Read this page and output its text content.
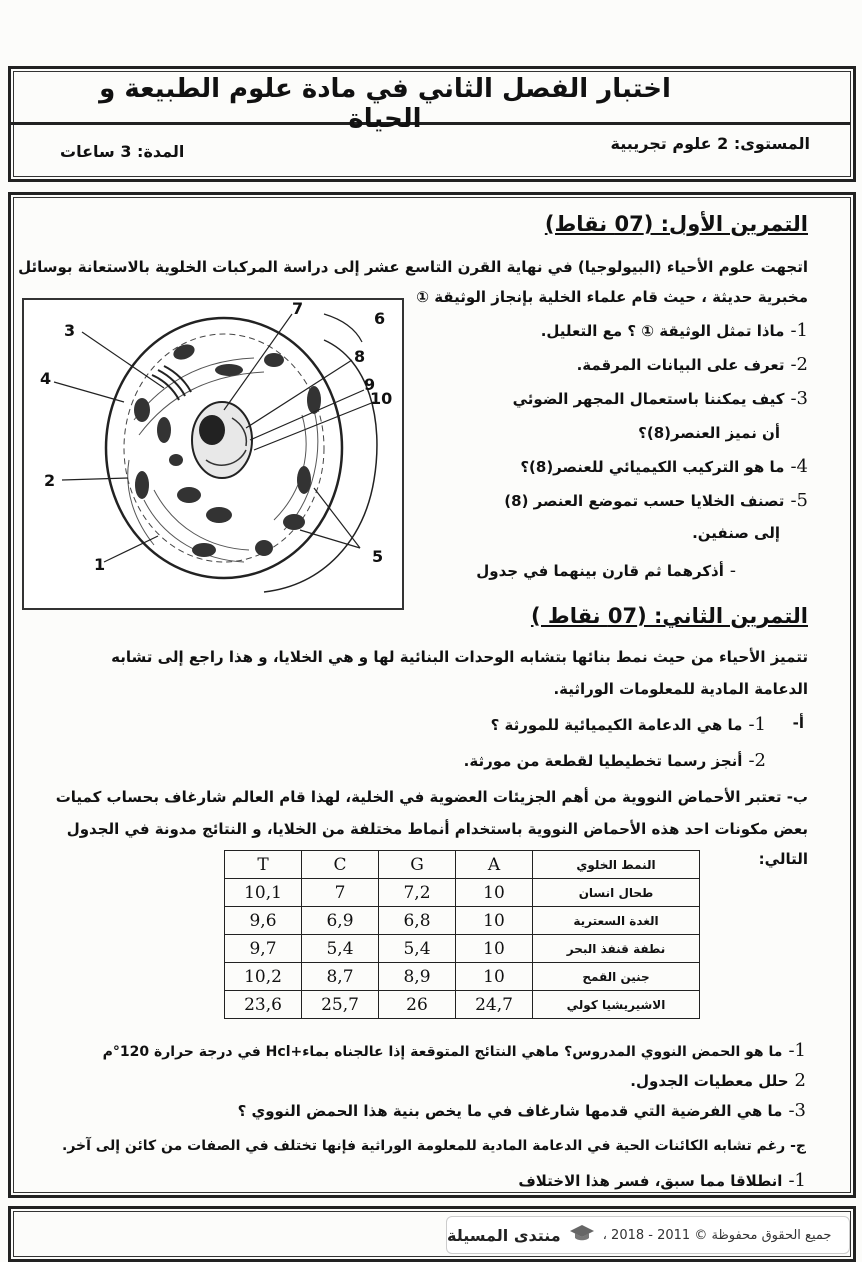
اختبار الفصل الثاني في مادة علوم الطبيعة و الحياة
المستوى: 2 علوم تجريبية
المدة: 3 ساعات
التمرين الأول: (07 نقاط)
اتجهت علوم الأحياء (البيولوجيا) في نهاية القرن التاسع عشر إلى دراسة المركبات الخلوية بالاستعانة بوسائل
مخبرية حديثة ، حيث قام علماء الخلية بإنجاز الوثيقة ①
1
2
3
4
5
6
7
8
9
10
1-ماذا تمثل الوثيقة ① ؟ مع التعليل.
2-تعرف على البيانات المرقمة.
3-كيف يمكننا باستعمال المجهر الضوئي
أن نميز العنصر(8)؟
4-ما هو التركيب الكيميائي للعنصر(8)؟
5-تصنف الخلايا حسب تموضع العنصر (8)
إلى صنفين.
-أذكرهما ثم قارن بينهما في جدول
التمرين الثاني: (07 نقاط )
تتميز الأحياء من حيث نمط بنائها بتشابه الوحدات البنائية لها و هي الخلايا، و هذا راجع إلى تشابه
الدعامة المادية للمعلومات الوراثية.
أ-
1-ما هي الدعامة الكيميائية للمورثة ؟
2-أنجز رسما تخطيطيا لقطعة من مورثة.
ب- تعتبر الأحماض النووية من أهم الجزيئات العضوية في الخلية، لهذا قام العالم شارغاف بحساب كميات
بعض مكونات احد هذه الأحماض النووية باستخدام أنماط مختلفة من الخلايا، و النتائج مدونة في الجدول
التالي:
النمط الخلوي	A	G	C	T
طحال انسان	10	7,2	7	10,1
الغدة السعترية	10	6,8	6,9	9,6
نطفة قنفذ البحر	10	5,4	5,4	9,7
جنين القمح	10	8,9	8,7	10,2
الاشيريشيا كولي	24,7	26	25,7	23,6
1-ما هو الحمض النووي المدروس؟ ماهي النتائج المتوقعة إذا عالجناه بماء+Hcl في درجة حرارة 120°م
2حلل معطيات الجدول.
3-ما هي الفرضية التي قدمها شارغاف في ما يخص بنية هذا الحمض النووي ؟
ج- رغم تشابه الكائنات الحية في الدعامة المادية للمعلومة الوراثية فإنها تختلف في الصفات من كائن إلى آخر.
1-انطلاقا مما سبق، فسر هذا الاختلاف
جميع الحقوق محفوظة © 2011 - 2018 ،
منتدى المسيلة
